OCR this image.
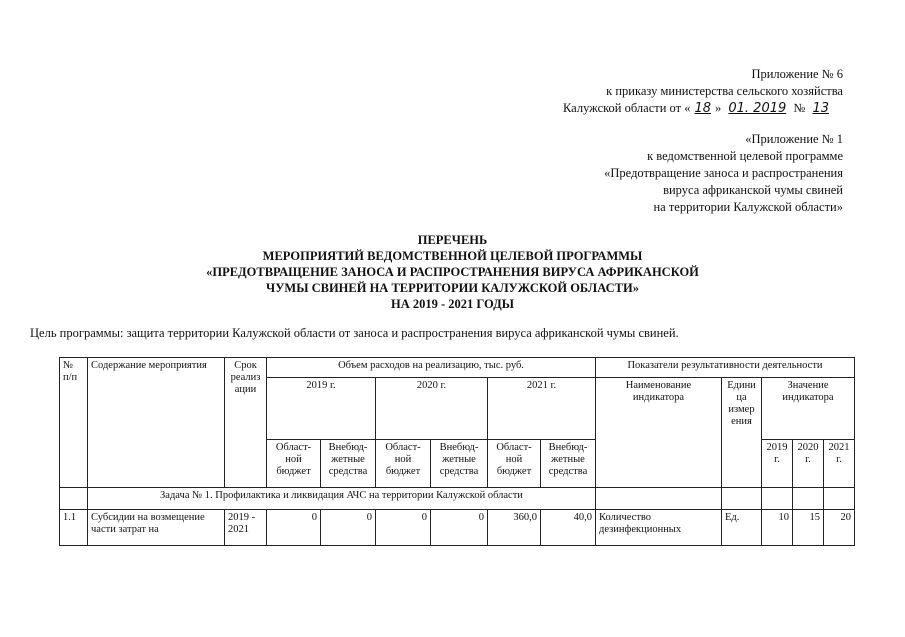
Приложение № 6
к приказу министерства сельского хозяйства
Калужской области от « 18 » 01. 2019 № 13
«Приложение № 1
к ведомственной целевой программе
«Предотвращение заноса и распространения
вируса африканской чумы свиней
на территории Калужской области»
ПЕРЕЧЕНЬ
МЕРОПРИЯТИЙ ВЕДОМСТВЕННОЙ ЦЕЛЕВОЙ ПРОГРАММЫ
«ПРЕДОТВРАЩЕНИЕ ЗАНОСА И РАСПРОСТРАНЕНИЯ ВИРУСА АФРИКАНСКОЙ
ЧУМЫ СВИНЕЙ НА ТЕРРИТОРИИ КАЛУЖСКОЙ ОБЛАСТИ»
НА 2019 - 2021 ГОДЫ
Цель программы: защита территории Калужской области от заноса и распространения вируса африканской чумы свиней.
№ п/п	Содержание мероприятия	Срок реализ ации	Объем расходов на реализацию, тыс. руб.						Показатели результативности деятельности				
			2019 г.		2020 г.		2021 г.		Наименование индикатора	Едини ца измер ения	Значение индикатора		
			Област- ной бюджет	Внебюд- жетные средства	Област- ной бюджет	Внебюд- жетные средства	Област- ной бюджет	Внебюд- жетные средства			2019 г.	2020 г.	2021 г.
	Задача № 1. Профилактика и ликвидация АЧС на территории Калужской области												
1.1	Субсидии на возмещение части затрат на	2019 - 2021	0	0	0	0	360,0	40,0	Количество дезинфекционных	Ед.	10	15	20
